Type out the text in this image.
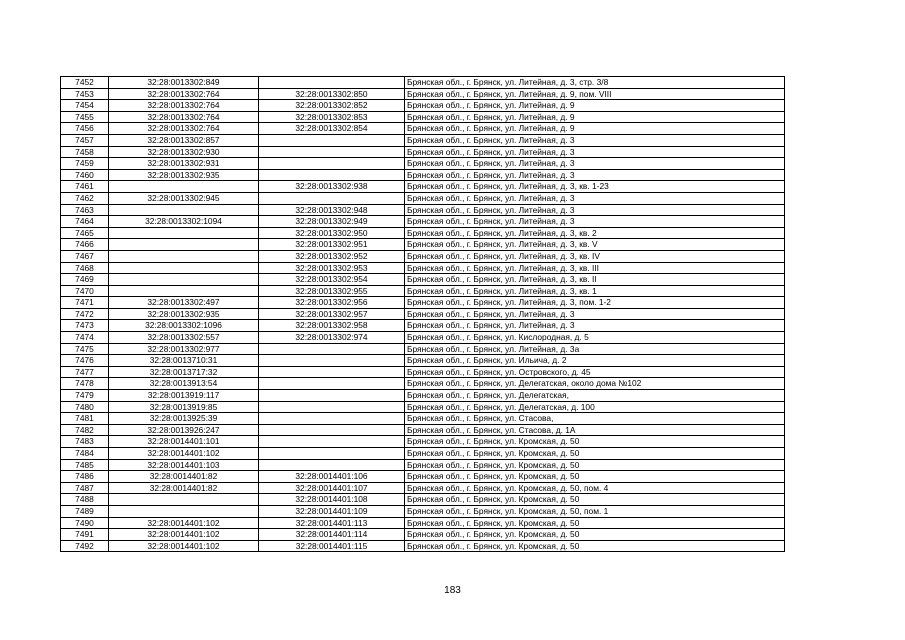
7452	32:28:0013302:849		Брянская обл., г. Брянск, ул. Литейная, д. 3, стр. 3/8
7453	32:28:0013302:764	32:28:0013302:850	Брянская обл., г. Брянск, ул. Литейная, д. 9, пом. VIII
7454	32:28:0013302:764	32:28:0013302:852	Брянская обл., г. Брянск, ул. Литейная, д. 9
7455	32:28:0013302:764	32:28:0013302:853	Брянская обл., г. Брянск, ул. Литейная, д. 9
7456	32:28:0013302:764	32:28:0013302:854	Брянская обл., г. Брянск, ул. Литейная, д. 9
7457	32:28:0013302:857		Брянская обл., г. Брянск, ул. Литейная, д. 3
7458	32:28:0013302:930		Брянская обл., г. Брянск, ул. Литейная, д. 3
7459	32:28:0013302:931		Брянская обл., г. Брянск, ул. Литейная, д. 3
7460	32:28:0013302:935		Брянская обл., г. Брянск, ул. Литейная, д. 3
7461		32:28:0013302:938	Брянская обл., г. Брянск, ул. Литейная, д. 3, кв. 1-23
7462	32:28:0013302:945		Брянская обл., г. Брянск, ул. Литейная, д. 3
7463		32:28:0013302:948	Брянская обл., г. Брянск, ул. Литейная, д. 3
7464	32:28:0013302:1094	32:28:0013302:949	Брянская обл., г. Брянск, ул. Литейная, д. 3
7465		32:28:0013302:950	Брянская обл., г. Брянск, ул. Литейная, д. 3, кв. 2
7466		32:28:0013302:951	Брянская обл., г. Брянск, ул. Литейная, д. 3, кв. V
7467		32:28:0013302:952	Брянская обл., г. Брянск, ул. Литейная, д. 3, кв. IV
7468		32:28:0013302:953	Брянская обл., г. Брянск, ул. Литейная, д. 3, кв. III
7469		32:28:0013302:954	Брянская обл., г. Брянск, ул. Литейная, д. 3, кв. II
7470		32:28:0013302:955	Брянская обл., г. Брянск, ул. Литейная, д. 3, кв. 1
7471	32:28:0013302:497	32:28:0013302:956	Брянская обл., г. Брянск, ул. Литейная, д. 3, пом. 1-2
7472	32:28:0013302:935	32:28:0013302:957	Брянская обл., г. Брянск, ул. Литейная, д. 3
7473	32:28:0013302:1096	32:28:0013302:958	Брянская обл., г. Брянск, ул. Литейная, д. 3
7474	32:28:0013302:557	32:28:0013302:974	Брянская обл., г. Брянск, ул. Кислородная, д. 5
7475	32:28:0013302:977		Брянская обл., г. Брянск, ул. Литейная, д. 3а
7476	32:28:0013710:31		Брянская обл., г. Брянск, ул. Ильича, д. 2
7477	32:28:0013717:32		Брянская обл., г. Брянск, ул. Островского, д. 45
7478	32:28:0013913:54		Брянская обл., г. Брянск, ул. Делегатская, около дома №102
7479	32:28:0013919:117		Брянская обл., г. Брянск, ул. Делегатская,
7480	32:28:0013919:85		Брянская обл., г. Брянск, ул. Делегатская, д. 100
7481	32:28:0013925:39		Брянская обл., г. Брянск, ул. Стасова,
7482	32:28:0013926:247		Брянская обл., г. Брянск, ул. Стасова, д. 1А
7483	32:28:0014401:101		Брянская обл., г. Брянск, ул. Кромская, д. 50
7484	32:28:0014401:102		Брянская обл., г. Брянск, ул. Кромская, д. 50
7485	32:28:0014401:103		Брянская обл., г. Брянск, ул. Кромская, д. 50
7486	32:28:0014401:82	32:28:0014401:106	Брянская обл., г. Брянск, ул. Кромская, д. 50
7487	32:28:0014401:82	32:28:0014401:107	Брянская обл., г. Брянск, ул. Кромская, д. 50, пом. 4
7488		32:28:0014401:108	Брянская обл., г. Брянск, ул. Кромская, д. 50
7489		32:28:0014401:109	Брянская обл., г. Брянск, ул. Кромская, д. 50, пом. 1
7490	32:28:0014401:102	32:28:0014401:113	Брянская обл., г. Брянск, ул. Кромская, д. 50
7491	32:28:0014401:102	32:28:0014401:114	Брянская обл., г. Брянск, ул. Кромская, д. 50
7492	32:28:0014401:102	32:28:0014401:115	Брянская обл., г. Брянск, ул. Кромская, д. 50
183
